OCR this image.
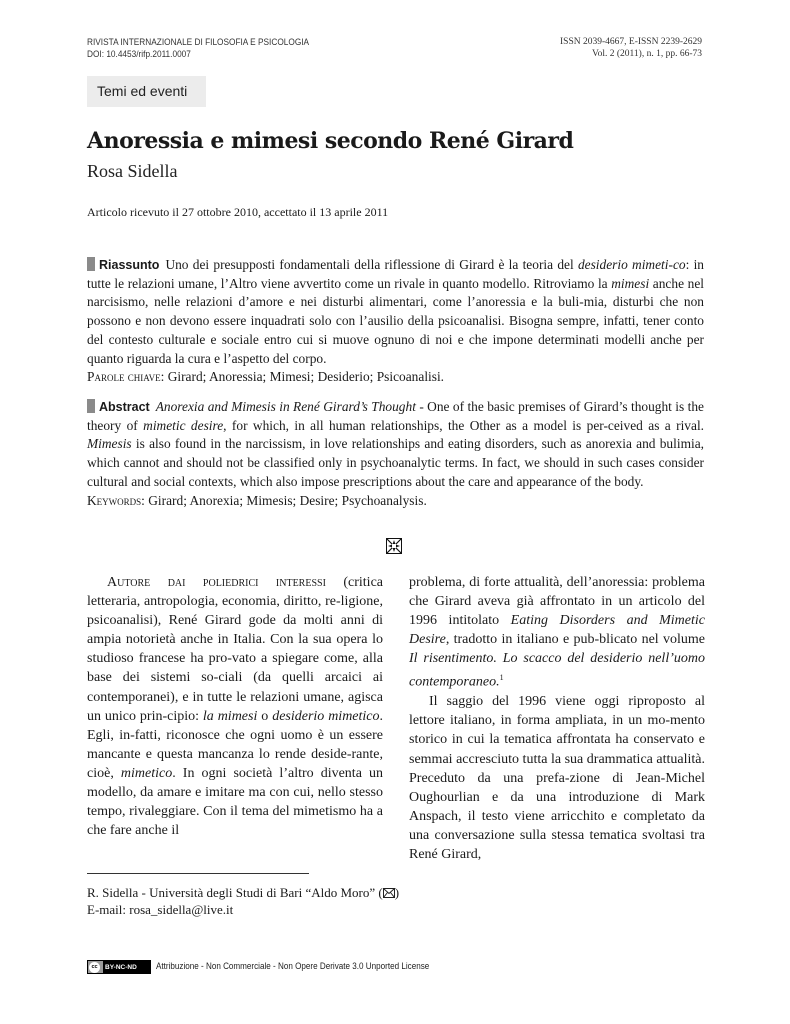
RIVISTA INTERNAZIONALE DI FILOSOFIA E PSICOLOGIA
DOI: 10.4453/rifp.2011.0007
ISSN 2039-4667, E-ISSN 2239-2629
Vol. 2 (2011), n. 1, pp. 66-73
Temi ed eventi
Anoressia e mimesi secondo René Girard
Rosa Sidella
Articolo ricevuto il 27 ottobre 2010, accettato il 13 aprile 2011
Riassunto Uno dei presupposti fondamentali della riflessione di Girard è la teoria del desiderio mimeti-co: in tutte le relazioni umane, l’Altro viene avvertito come un rivale in quanto modello. Ritroviamo la mimesi anche nel narcisismo, nelle relazioni d’amore e nei disturbi alimentari, come l’anoressia e la buli-mia, disturbi che non possono e non devono essere inquadrati solo con l’ausilio della psicoanalisi. Bisogna sempre, infatti, tener conto del contesto culturale e sociale entro cui si muove ognuno di noi e che impone determinati modelli anche per quanto riguarda la cura e l’aspetto del corpo.
Parole chiave: Girard; Anoressia; Mimesi; Desiderio; Psicoanalisi.
Abstract Anorexia and Mimesis in René Girard’s Thought - One of the basic premises of Girard’s thought is the theory of mimetic desire, for which, in all human relationships, the Other as a model is per-ceived as a rival. Mimesis is also found in the narcissism, in love relationships and eating disorders, such as anorexia and bulimia, which cannot and should not be classified only in psychoanalytic terms. In fact, we should in such cases consider cultural and social contexts, which also impose prescriptions about the care and appearance of the body.
Keywords: Girard; Anorexia; Mimesis; Desire; Psychoanalysis.

Autore dai poliedrici interessi (critica letteraria, antropologia, economia, diritto, re-ligione, psicoanalisi), René Girard gode da molti anni di ampia notorietà anche in Italia. Con la sua opera lo studioso francese ha pro-vato a spiegare come, alla base dei sistemi so-ciali (da quelli arcaici ai contemporanei), e in tutte le relazioni umane, agisca un unico prin-cipio: la mimesi o desiderio mimetico. Egli, in-fatti, riconosce che ogni uomo è un essere mancante e questa mancanza lo rende deside-rante, cioè, mimetico. In ogni società l’altro diventa un modello, da amare e imitare ma con cui, nello stesso tempo, rivaleggiare. Con il tema del mimetismo ha a che fare anche il

problema, di forte attualità, dell’anoressia: problema che Girard aveva già affrontato in un articolo del 1996 intitolato Eating Disorders and Mimetic Desire, tradotto in italiano e pub-blicato nel volume Il risentimento. Lo scacco del desiderio nell’uomo contemporaneo.$^1$

Il saggio del 1996 viene oggi riproposto al lettore italiano, in forma ampliata, in un mo-mento storico in cui la tematica affrontata ha conservato e semmai accresciuto tutta la sua drammatica attualità. Preceduto da una prefa-zione di Jean-Michel Oughourlian e da una introduzione di Mark Anspach, il testo viene arricchito e completato da una conversazione sulla stessa tematica svoltasi tra René Girard,

R. Sidella - Università degli Studi di Bari “Aldo Moro” ( )
E-mail: rosa_sidella@live.it
cc	BY-NC-ND	Attribuzione - Non Commerciale - Non Opere Derivate 3.0 Unported License
